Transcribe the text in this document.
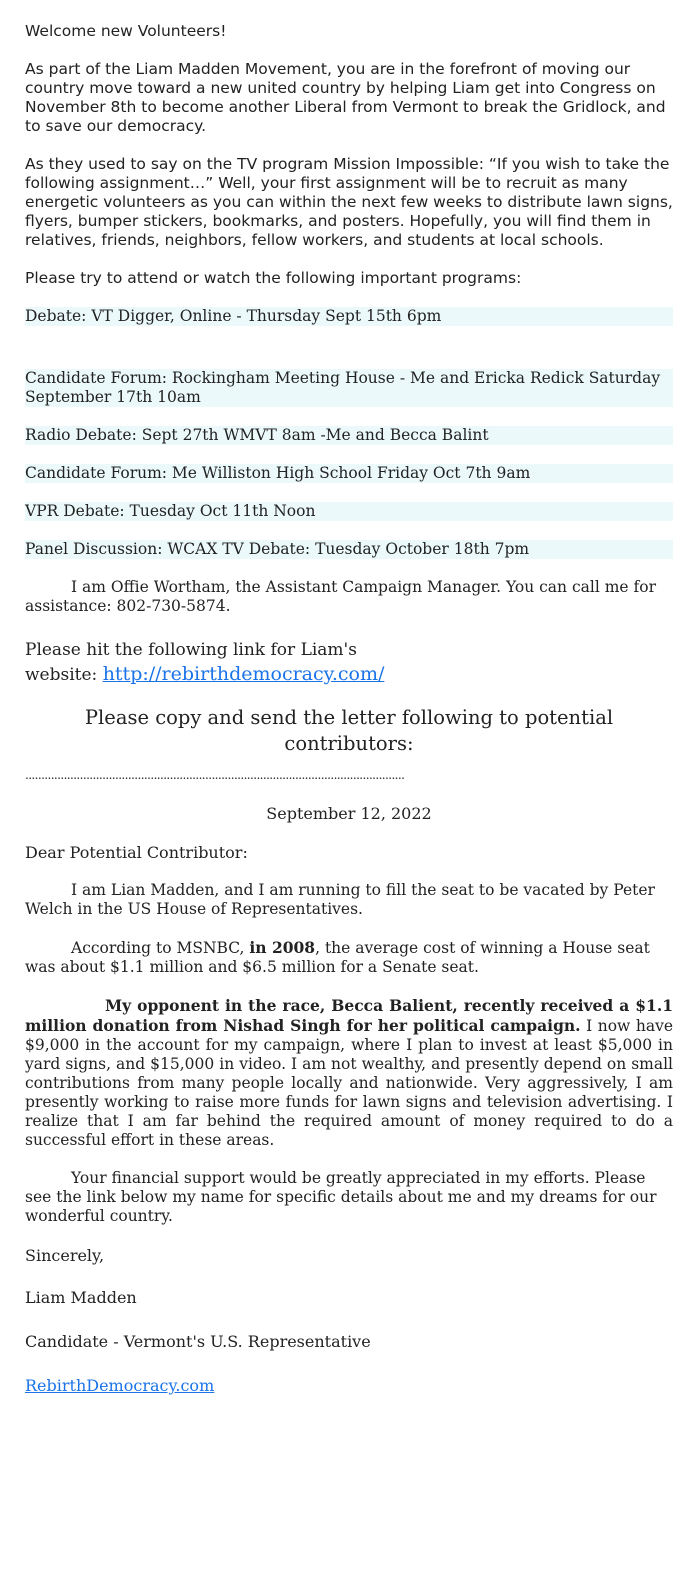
Welcome new Volunteers!

As part of the Liam Madden Movement, you are in the forefront of moving our country move toward a new united country by helping Liam get into Congress on November 8th to become another Liberal from Vermont to break the Gridlock, and to save our democracy.

As they used to say on the TV program Mission Impossible: “If you wish to take the following assignment…” Well, your first assignment will be to recruit as many energetic volunteers as you can within the next few weeks to distribute lawn signs, flyers, bumper stickers, bookmarks, and posters. Hopefully, you will find them in relatives, friends, neighbors, fellow workers, and students at local schools.

Please try to attend or watch the following important programs:

Debate: VT Digger, Online - Thursday Sept 15th 6pm

Candidate Forum: Rockingham Meeting House - Me and Ericka Redick Saturday September 17th 10am

Radio Debate: Sept 27th WMVT 8am -Me and Becca Balint

Candidate Forum: Me Williston High School Friday Oct 7th 9am

VPR Debate: Tuesday Oct 11th Noon

Panel Discussion: WCAX TV Debate: Tuesday October 18th 7pm

I am Offie Wortham, the Assistant Campaign Manager. You can call me for assistance: 802-730-5874.

Please hit the following link for Liam's
website: http://rebirthdemocracy.com/

Please copy and send the letter following to potential contributors:

......................................................................................................................

September 12, 2022

Dear Potential Contributor:

I am Lian Madden, and I am running to fill the seat to be vacated by Peter Welch in the US House of Representatives.

According to MSNBC, in 2008, the average cost of winning a House seat was about $1.1 million and $6.5 million for a Senate seat.

My opponent in the race, Becca Balient, recently received a $1.1 million donation from Nishad Singh for her political campaign. I now have $9,000 in the account for my campaign, where I plan to invest at least $5,000 in yard signs, and $15,000 in video. I am not wealthy, and presently depend on small contributions from many people locally and nationwide. Very aggressively, I am presently working to raise more funds for lawn signs and television advertising. I realize that I am far behind the required amount of money required to do a successful effort in these areas.

Your financial support would be greatly appreciated in my efforts. Please see the link below my name for specific details about me and my dreams for our wonderful country.

Sincerely,

Liam Madden

Candidate - Vermont's U.S. Representative

RebirthDemocracy.com
